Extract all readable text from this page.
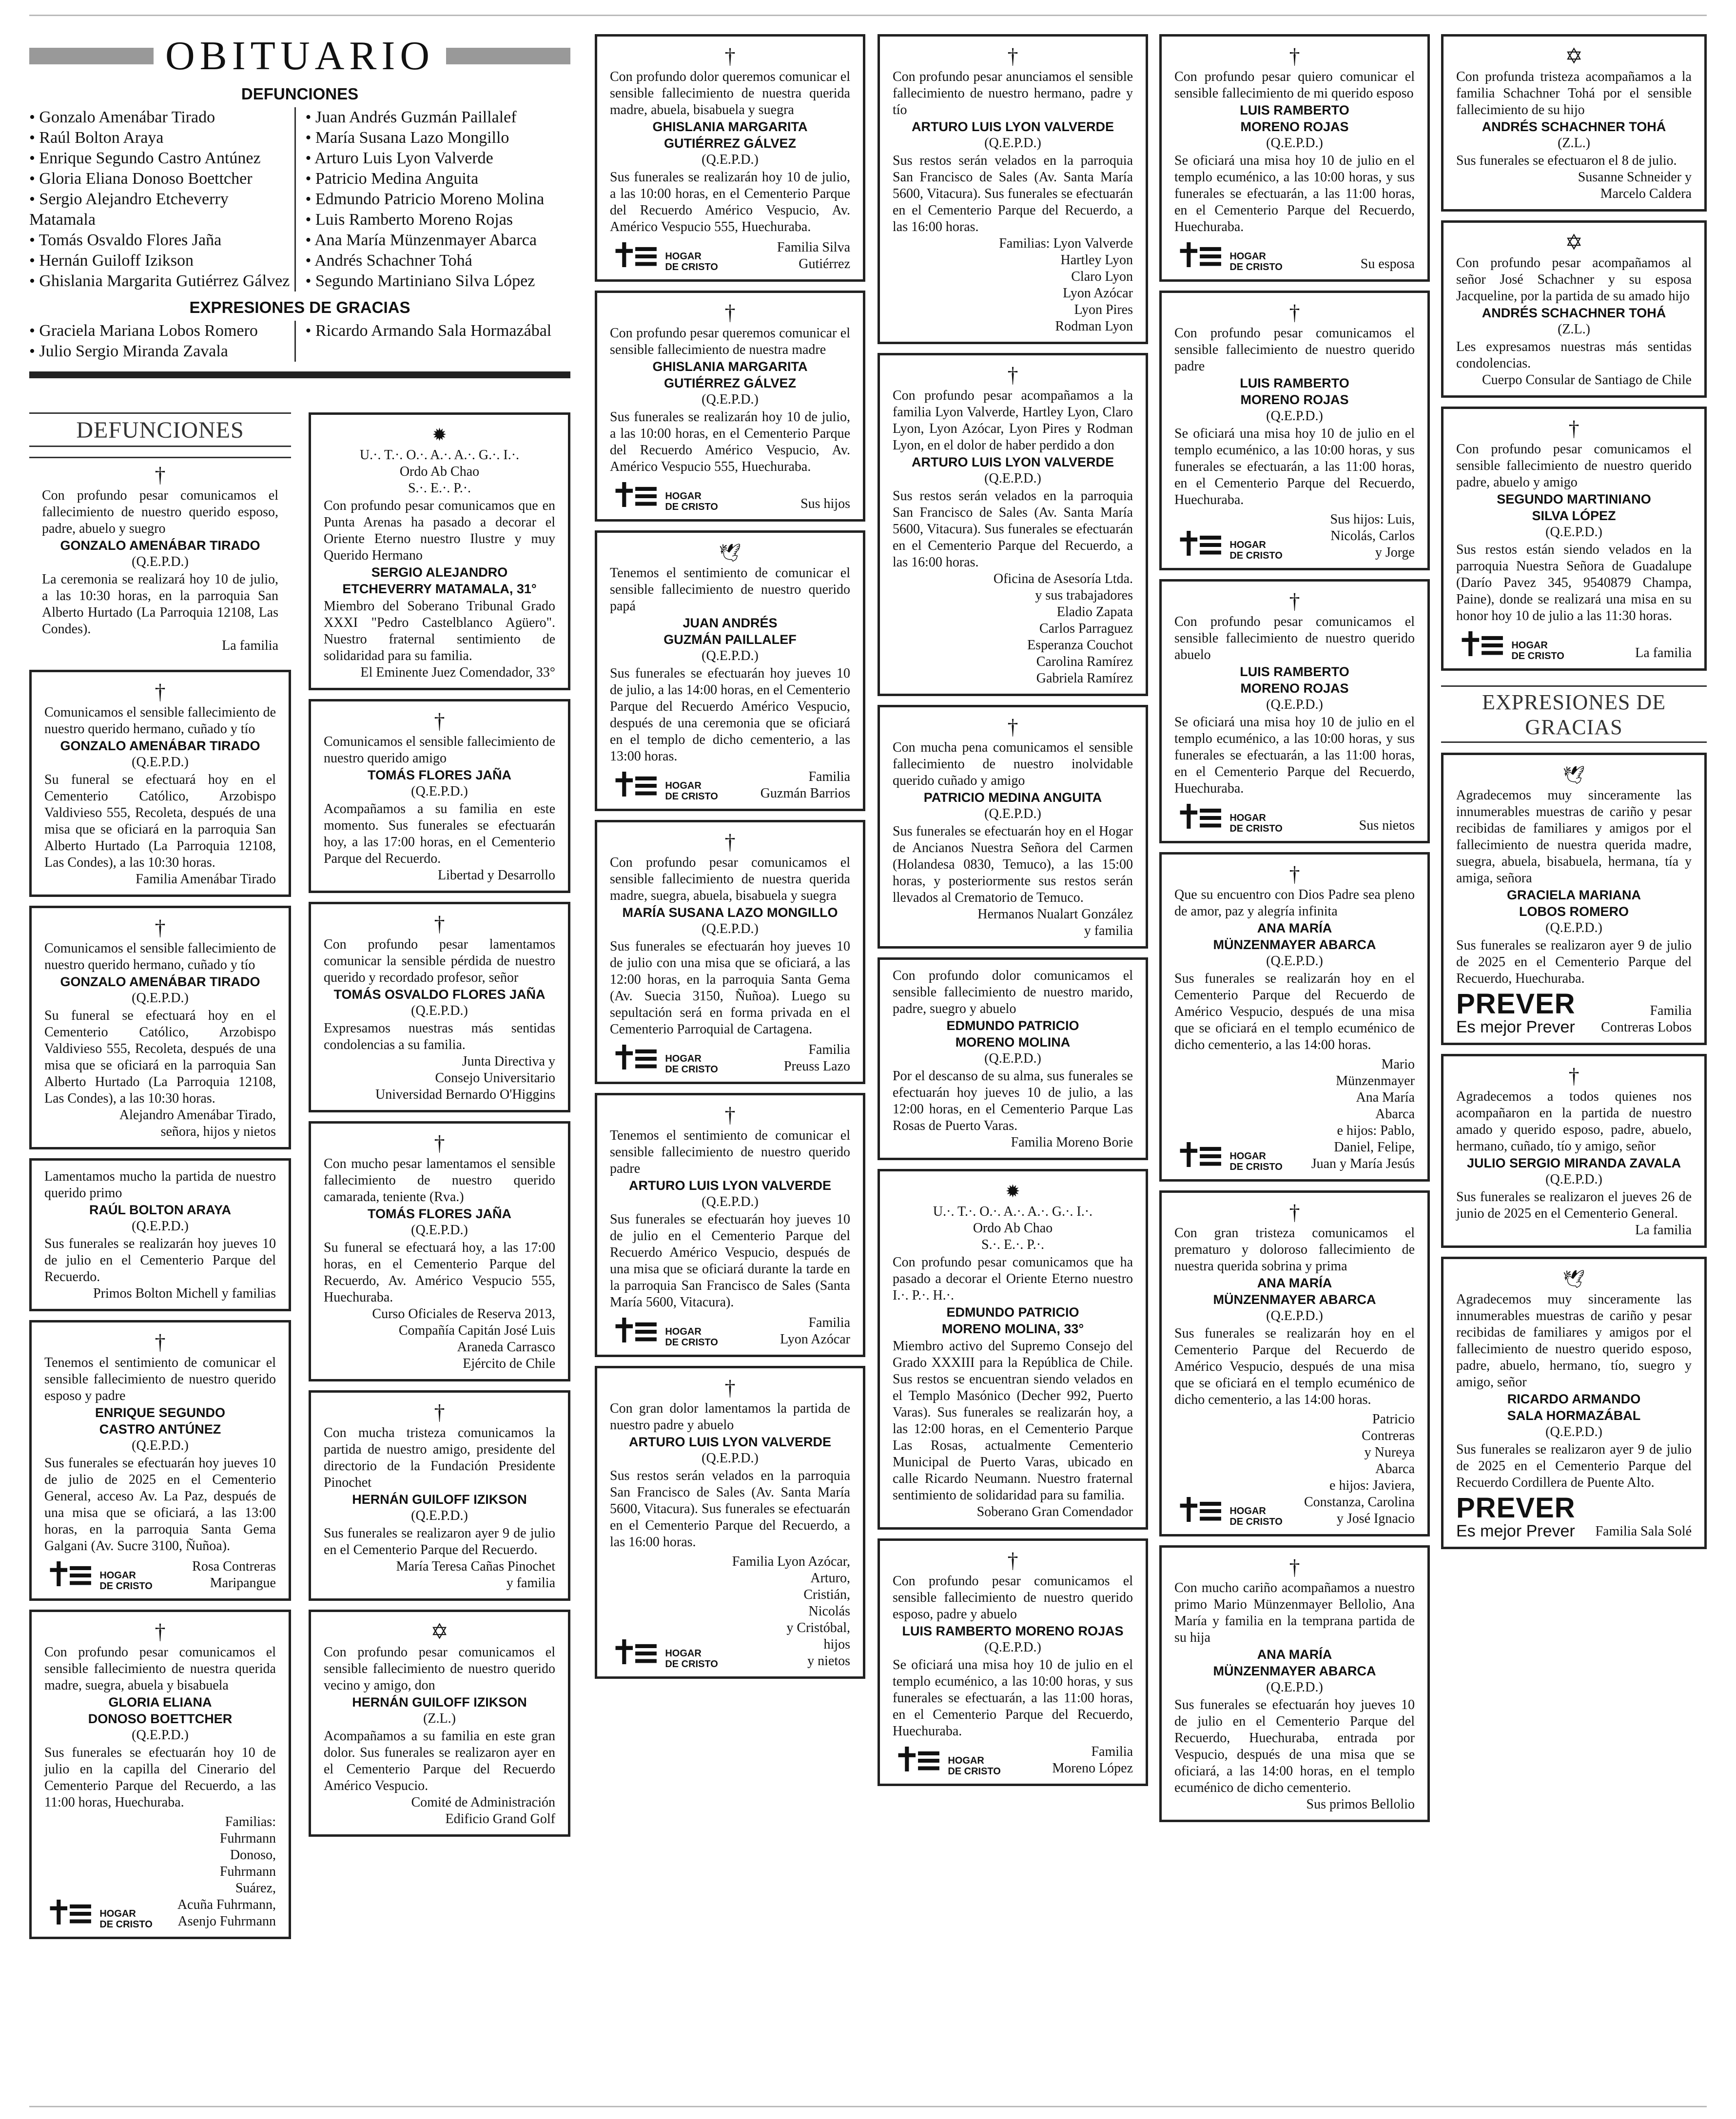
OBITUARIO
DEFUNCIONES
• Gonzalo Amenábar Tirado
• Raúl Bolton Araya
• Enrique Segundo Castro Antúnez
• Gloria Eliana Donoso Boettcher
• Sergio Alejandro Etcheverry Matamala
• Tomás Osvaldo Flores Jaña
• Hernán Guiloff Izikson
• Ghislania Margarita Gutiérrez Gálvez
• Juan Andrés Guzmán Paillalef
• María Susana Lazo Mongillo
• Arturo Luis Lyon Valverde
• Patricio Medina Anguita
• Edmundo Patricio Moreno Molina
• Luis Ramberto Moreno Rojas
• Ana María Münzenmayer Abarca
• Andrés Schachner Tohá
• Segundo Martiniano Silva López
EXPRESIONES DE GRACIAS
• Graciela Mariana Lobos Romero
• Julio Sergio Miranda Zavala
• Ricardo Armando Sala Hormazábal
DEFUNCIONES
†
Con profundo pesar comunicamos el fallecimiento de nuestro querido esposo, padre, abuelo y suegro
GONZALO AMENÁBAR TIRADO
(Q.E.P.D.)
La ceremonia se realizará hoy 10 de julio, a las 10:30 horas, en la parroquia San Alberto Hurtado (La Parroquia 12108, Las Condes).
La familia
†
Comunicamos el sensible fallecimiento de nuestro querido hermano, cuñado y tío
GONZALO AMENÁBAR TIRADO
(Q.E.P.D.)
Su funeral se efectuará hoy en el Cementerio Católico, Arzobispo Valdivieso 555, Recoleta, después de una misa que se oficiará en la parroquia San Alberto Hurtado (La Parroquia 12108, Las Condes), a las 10:30 horas.
Familia Amenábar Tirado
†
Comunicamos el sensible fallecimiento de nuestro querido hermano, cuñado y tío
GONZALO AMENÁBAR TIRADO
(Q.E.P.D.)
Su funeral se efectuará hoy en el Cementerio Católico, Arzobispo Valdivieso 555, Recoleta, después de una misa que se oficiará en la parroquia San Alberto Hurtado (La Parroquia 12108, Las Condes), a las 10:30 horas.
Alejandro Amenábar Tirado,
señora, hijos y nietos
Lamentamos mucho la partida de nuestro querido primo
RAÚL BOLTON ARAYA
(Q.E.P.D.)
Sus funerales se realizarán hoy jueves 10 de julio en el Cementerio Parque del Recuerdo.
Primos Bolton Michell y familias
†
Tenemos el sentimiento de comunicar el sensible fallecimiento de nuestro querido esposo y padre
ENRIQUE SEGUNDO
CASTRO ANTÚNEZ
(Q.E.P.D.)
Sus funerales se efectuarán hoy jueves 10 de julio de 2025 en el Cementerio General, acceso Av. La Paz, después de una misa que se oficiará, a las 13:00 horas, en la parroquia Santa Gema Galgani (Av. Sucre 3100, Ñuñoa).
✝≡ HOGAR
DE CRISTO
Rosa Contreras
Maripangue
†
Con profundo pesar comunicamos el sensible fallecimiento de nuestra querida madre, suegra, abuela y bisabuela
GLORIA ELIANA
DONOSO BOETTCHER
(Q.E.P.D.)
Sus funerales se efectuarán hoy 10 de julio en la capilla del Cinerario del Cementerio Parque del Recuerdo, a las 11:00 horas, Huechuraba.
✝≡ HOGAR
DE CRISTO
Familias:
Fuhrmann
Donoso,
Fuhrmann
Suárez,
Acuña Fuhrmann,
Asenjo Fuhrmann
✹
U.·. T.·. O.·. A.·. A.·. G.·. I.·.
Ordo Ab Chao
S.·. E.·. P.·.
Con profundo pesar comunicamos que en Punta Arenas ha pasado a decorar el Oriente Eterno nuestro Ilustre y muy Querido Hermano
SERGIO ALEJANDRO
ETCHEVERRY MATAMALA, 31°
Miembro del Soberano Tribunal Grado XXXI "Pedro Castelblanco Agüero". Nuestro fraternal sentimiento de solidaridad para su familia.
El Eminente Juez Comendador, 33°
†
Comunicamos el sensible fallecimiento de nuestro querido amigo
TOMÁS FLORES JAÑA
(Q.E.P.D.)
Acompañamos a su familia en este momento. Sus funerales se efectuarán hoy, a las 17:00 horas, en el Cementerio Parque del Recuerdo.
Libertad y Desarrollo
†
Con profundo pesar lamentamos comunicar la sensible pérdida de nuestro querido y recordado profesor, señor
TOMÁS OSVALDO FLORES JAÑA
(Q.E.P.D.)
Expresamos nuestras más sentidas condolencias a su familia.
Junta Directiva y
Consejo Universitario
Universidad Bernardo O'Higgins
†
Con mucho pesar lamentamos el sensible fallecimiento de nuestro querido camarada, teniente (Rva.)
TOMÁS FLORES JAÑA
(Q.E.P.D.)
Su funeral se efectuará hoy, a las 17:00 horas, en el Cementerio Parque del Recuerdo, Av. Américo Vespucio 555, Huechuraba.
Curso Oficiales de Reserva 2013,
Compañía Capitán José Luis
Araneda Carrasco
Ejército de Chile
†
Con mucha tristeza comunicamos la partida de nuestro amigo, presidente del directorio de la Fundación Presidente Pinochet
HERNÁN GUILOFF IZIKSON
(Q.E.P.D.)
Sus funerales se realizaron ayer 9 de julio en el Cementerio Parque del Recuerdo.
María Teresa Cañas Pinochet
y familia
✡
Con profundo pesar comunicamos el sensible fallecimiento de nuestro querido vecino y amigo, don
HERNÁN GUILOFF IZIKSON
(Z.L.)
Acompañamos a su familia en este gran dolor. Sus funerales se realizaron ayer en el Cementerio Parque del Recuerdo Américo Vespucio.
Comité de Administración
Edificio Grand Golf
†
Con profundo dolor queremos comunicar el sensible fallecimiento de nuestra querida madre, abuela, bisabuela y suegra
GHISLANIA MARGARITA
GUTIÉRREZ GÁLVEZ
(Q.E.P.D.)
Sus funerales se realizarán hoy 10 de julio, a las 10:00 horas, en el Cementerio Parque del Recuerdo Américo Vespucio, Av. Américo Vespucio 555, Huechuraba.
✝≡ HOGAR
DE CRISTO
Familia Silva
Gutiérrez
†
Con profundo pesar queremos comunicar el sensible fallecimiento de nuestra madre
GHISLANIA MARGARITA
GUTIÉRREZ GÁLVEZ
(Q.E.P.D.)
Sus funerales se realizarán hoy 10 de julio, a las 10:00 horas, en el Cementerio Parque del Recuerdo Américo Vespucio, Av. Américo Vespucio 555, Huechuraba.
✝≡ HOGAR
DE CRISTO	Sus hijos
🕊
Tenemos el sentimiento de comunicar el sensible fallecimiento de nuestro querido papá
JUAN ANDRÉS
GUZMÁN PAILLALEF
(Q.E.P.D.)
Sus funerales se efectuarán hoy jueves 10 de julio, a las 14:00 horas, en el Cementerio Parque del Recuerdo Américo Vespucio, después de una ceremonia que se oficiará en el templo de dicho cementerio, a las 13:00 horas.
✝≡ HOGAR
DE CRISTO
Familia
Guzmán Barrios
†
Con profundo pesar comunicamos el sensible fallecimiento de nuestra querida madre, suegra, abuela, bisabuela y suegra
MARÍA SUSANA LAZO MONGILLO
(Q.E.P.D.)
Sus funerales se efectuarán hoy jueves 10 de julio con una misa que se oficiará, a las 12:00 horas, en la parroquia Santa Gema (Av. Suecia 3150, Ñuñoa). Luego su sepultación será en forma privada en el Cementerio Parroquial de Cartagena.
✝≡ HOGAR
DE CRISTO
Familia
Preuss Lazo
†
Tenemos el sentimiento de comunicar el sensible fallecimiento de nuestro querido padre
ARTURO LUIS LYON VALVERDE
(Q.E.P.D.)
Sus funerales se efectuarán hoy jueves 10 de julio en el Cementerio Parque del Recuerdo Américo Vespucio, después de una misa que se oficiará durante la tarde en la parroquia San Francisco de Sales (Santa María 5600, Vitacura).
✝≡ HOGAR
DE CRISTO
Familia
Lyon Azócar
†
Con gran dolor lamentamos la partida de nuestro padre y abuelo
ARTURO LUIS LYON VALVERDE
(Q.E.P.D.)
Sus restos serán velados en la parroquia San Francisco de Sales (Av. Santa María 5600, Vitacura). Sus funerales se efectuarán en el Cementerio Parque del Recuerdo, a las 16:00 horas.
✝≡ HOGAR
DE CRISTO
Familia Lyon Azócar,
Arturo,
Cristián,
Nicolás
y Cristóbal,
hijos
y nietos
†
Con profundo pesar anunciamos el sensible fallecimiento de nuestro hermano, padre y tío
ARTURO LUIS LYON VALVERDE
(Q.E.P.D.)
Sus restos serán velados en la parroquia San Francisco de Sales (Av. Santa María 5600, Vitacura). Sus funerales se efectuarán en el Cementerio Parque del Recuerdo, a las 16:00 horas.
Familias: Lyon Valverde
Hartley Lyon
Claro Lyon
Lyon Azócar
Lyon Pires
Rodman Lyon
†
Con profundo pesar acompañamos a la familia Lyon Valverde, Hartley Lyon, Claro Lyon, Lyon Azócar, Lyon Pires y Rodman Lyon, en el dolor de haber perdido a don
ARTURO LUIS LYON VALVERDE
(Q.E.P.D.)
Sus restos serán velados en la parroquia San Francisco de Sales (Av. Santa María 5600, Vitacura). Sus funerales se efectuarán en el Cementerio Parque del Recuerdo, a las 16:00 horas.
Oficina de Asesoría Ltda.
y sus trabajadores
Eladio Zapata
Carlos Parraguez
Esperanza Couchot
Carolina Ramírez
Gabriela Ramírez
†
Con mucha pena comunicamos el sensible fallecimiento de nuestro inolvidable querido cuñado y amigo
PATRICIO MEDINA ANGUITA
(Q.E.P.D.)
Sus funerales se efectuarán hoy en el Hogar de Ancianos Nuestra Señora del Carmen (Holandesa 0830, Temuco), a las 15:00 horas, y posteriormente sus restos serán llevados al Crematorio de Temuco.
Hermanos Nualart González
y familia
Con profundo dolor comunicamos el sensible fallecimiento de nuestro marido, padre, suegro y abuelo
EDMUNDO PATRICIO
MORENO MOLINA
(Q.E.P.D.)
Por el descanso de su alma, sus funerales se efectuarán hoy jueves 10 de julio, a las 12:00 horas, en el Cementerio Parque Las Rosas de Puerto Varas.
Familia Moreno Borie
✹
U.·. T.·. O.·. A.·. A.·. G.·. I.·.
Ordo Ab Chao
S.·. E.·. P.·.
Con profundo pesar comunicamos que ha pasado a decorar el Oriente Eterno nuestro I.·. P.·. H.·.
EDMUNDO PATRICIO
MORENO MOLINA, 33°
Miembro activo del Supremo Consejo del Grado XXXIII para la República de Chile. Sus restos se encuentran siendo velados en el Templo Masónico (Decher 992, Puerto Varas). Sus funerales se realizarán hoy, a las 12:00 horas, en el Cementerio Parque Las Rosas, actualmente Cementerio Municipal de Puerto Varas, ubicado en calle Ricardo Neumann. Nuestro fraternal sentimiento de solidaridad para su familia.
Soberano Gran Comendador
†
Con profundo pesar comunicamos el sensible fallecimiento de nuestro querido esposo, padre y abuelo
LUIS RAMBERTO MORENO ROJAS
(Q.E.P.D.)
Se oficiará una misa hoy 10 de julio en el templo ecuménico, a las 10:00 horas, y sus funerales se efectuarán, a las 11:00 horas, en el Cementerio Parque del Recuerdo, Huechuraba.
✝≡ HOGAR
DE CRISTO
Familia
Moreno López
†
Con profundo pesar quiero comunicar el sensible fallecimiento de mi querido esposo
LUIS RAMBERTO
MORENO ROJAS
(Q.E.P.D.)
Se oficiará una misa hoy 10 de julio en el templo ecuménico, a las 10:00 horas, y sus funerales se efectuarán, a las 11:00 horas, en el Cementerio Parque del Recuerdo, Huechuraba.
✝≡ HOGAR
DE CRISTO	Su esposa
†
Con profundo pesar comunicamos el sensible fallecimiento de nuestro querido padre
LUIS RAMBERTO
MORENO ROJAS
(Q.E.P.D.)
Se oficiará una misa hoy 10 de julio en el templo ecuménico, a las 10:00 horas, y sus funerales se efectuarán, a las 11:00 horas, en el Cementerio Parque del Recuerdo, Huechuraba.
✝≡ HOGAR
DE CRISTO
Sus hijos: Luis,
Nicolás, Carlos
y Jorge
†
Con profundo pesar comunicamos el sensible fallecimiento de nuestro querido abuelo
LUIS RAMBERTO
MORENO ROJAS
(Q.E.P.D.)
Se oficiará una misa hoy 10 de julio en el templo ecuménico, a las 10:00 horas, y sus funerales se efectuarán, a las 11:00 horas, en el Cementerio Parque del Recuerdo, Huechuraba.
✝≡ HOGAR
DE CRISTO	Sus nietos
†
Que su encuentro con Dios Padre sea pleno de amor, paz y alegría infinita
ANA MARÍA
MÜNZENMAYER ABARCA
(Q.E.P.D.)
Sus funerales se realizarán hoy en el Cementerio Parque del Recuerdo de Américo Vespucio, después de una misa que se oficiará en el templo ecuménico de dicho cementerio, a las 14:00 horas.
✝≡ HOGAR
DE CRISTO
Mario
Münzenmayer
Ana María
Abarca
e hijos: Pablo,
Daniel, Felipe,
Juan y María Jesús
†
Con gran tristeza comunicamos el prematuro y doloroso fallecimiento de nuestra querida sobrina y prima
ANA MARÍA
MÜNZENMAYER ABARCA
(Q.E.P.D.)
Sus funerales se realizarán hoy en el Cementerio Parque del Recuerdo de Américo Vespucio, después de una misa que se oficiará en el templo ecuménico de dicho cementerio, a las 14:00 horas.
✝≡ HOGAR
DE CRISTO
Patricio
Contreras
y Nureya
Abarca
e hijos: Javiera,
Constanza, Carolina
y José Ignacio
†
Con mucho cariño acompañamos a nuestro primo Mario Münzenmayer Bellolio, Ana María y familia en la temprana partida de su hija
ANA MARÍA
MÜNZENMAYER ABARCA
(Q.E.P.D.)
Sus funerales se efectuarán hoy jueves 10 de julio en el Cementerio Parque del Recuerdo, Huechuraba, entrada por Vespucio, después de una misa que se oficiará, a las 14:00 horas, en el templo ecuménico de dicho cementerio.
Sus primos Bellolio
✡
Con profunda tristeza acompañamos a la familia Schachner Tohá por el sensible fallecimiento de su hijo
ANDRÉS SCHACHNER TOHÁ
(Z.L.)
Sus funerales se efectuaron el 8 de julio.
Susanne Schneider y
Marcelo Caldera
✡
Con profundo pesar acompañamos al señor José Schachner y su esposa Jacqueline, por la partida de su amado hijo
ANDRÉS SCHACHNER TOHÁ
(Z.L.)
Les expresamos nuestras más sentidas condolencias.
Cuerpo Consular de Santiago de Chile
†
Con profundo pesar comunicamos el sensible fallecimiento de nuestro querido padre, abuelo y amigo
SEGUNDO MARTINIANO
SILVA LÓPEZ
(Q.E.P.D.)
Sus restos están siendo velados en la parroquia Nuestra Señora de Guadalupe (Darío Pavez 345, 9540879 Champa, Paine), donde se realizará una misa en su honor hoy 10 de julio a las 11:30 horas.
✝≡ HOGAR
DE CRISTO	La familia
EXPRESIONES DE GRACIAS
🕊
Agradecemos muy sinceramente las innumerables muestras de cariño y pesar recibidas de familiares y amigos por el fallecimiento de nuestra querida madre, suegra, abuela, bisabuela, hermana, tía y amiga, señora
GRACIELA MARIANA
LOBOS ROMERO
(Q.E.P.D.)
Sus funerales se realizaron ayer 9 de julio de 2025 en el Cementerio Parque del Recuerdo, Huechuraba.
PREVER
Es mejor Prever
Familia
Contreras Lobos
†
Agradecemos a todos quienes nos acompañaron en la partida de nuestro amado y querido esposo, padre, abuelo, hermano, cuñado, tío y amigo, señor
JULIO SERGIO MIRANDA ZAVALA
(Q.E.P.D.)
Sus funerales se realizaron el jueves 26 de junio de 2025 en el Cementerio General.
La familia
🕊
Agradecemos muy sinceramente las innumerables muestras de cariño y pesar recibidas de familiares y amigos por el fallecimiento de nuestro querido esposo, padre, abuelo, hermano, tío, suegro y amigo, señor
RICARDO ARMANDO
SALA HORMAZÁBAL
(Q.E.P.D.)
Sus funerales se realizaron ayer 9 de julio de 2025 en el Cementerio Parque del Recuerdo Cordillera de Puente Alto.
PREVER
Es mejor Prever Familia Sala Solé
